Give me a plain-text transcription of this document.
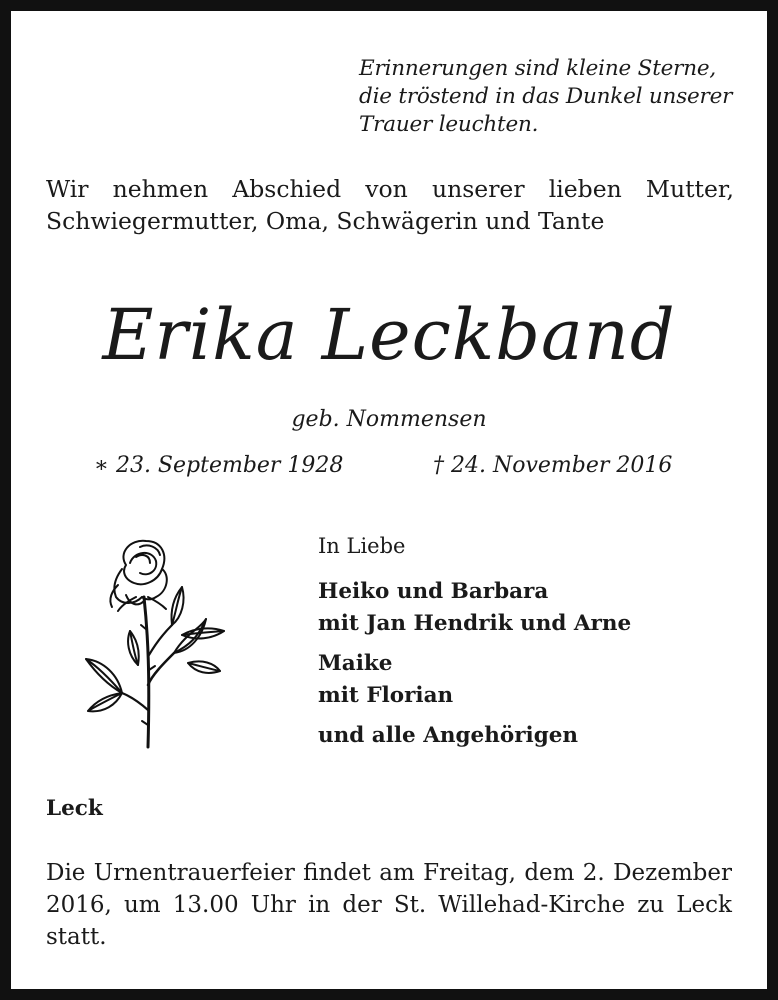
Erinnerungen sind kleine Sterne,
die tröstend in das Dunkel unserer
Trauer leuchten.
Wir nehmen Abschied von unserer lieben Mutter,
Schwiegermutter, Oma, Schwägerin und Tante
Erika Leckband
geb. Nommensen
∗ 23. September 1928	† 24. November 2016
In Liebe
Heiko und Barbara
mit Jan Hendrik und Arne
Maike
mit Florian
und alle Angehörigen
Leck
Die Urnentrauerfeier findet am Freitag, dem 2. Dezember
2016, um 13.00 Uhr in der St. Willehad-Kirche zu Leck
statt.
